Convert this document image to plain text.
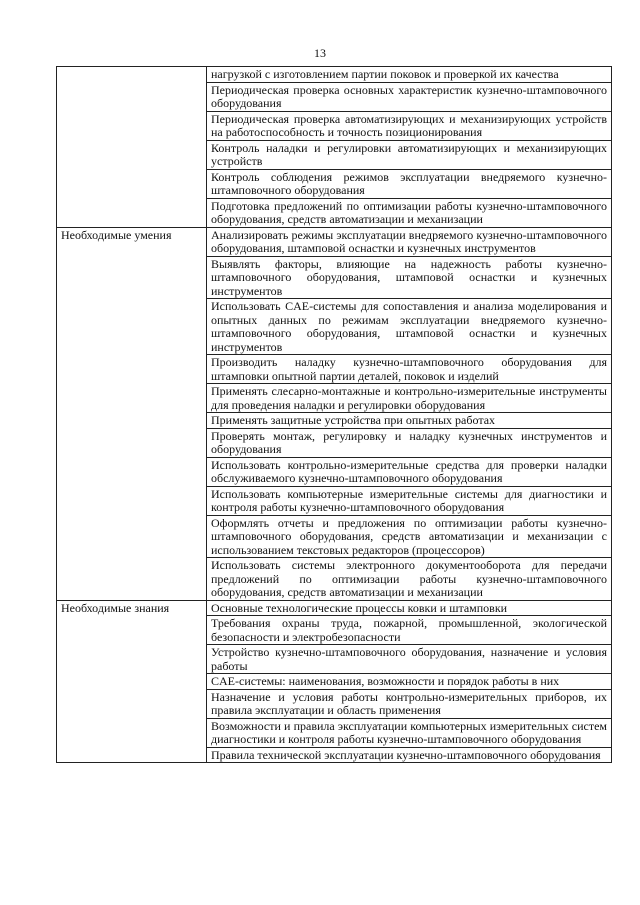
13
	нагрузкой с изготовлением партии поковок и проверкой их качества
	Периодическая проверка основных характеристик кузнечно-штамповочного оборудования
	Периодическая проверка автоматизирующих и механизирующих устройств на работоспособность и точность позиционирования
	Контроль наладки и регулировки автоматизирующих и механизирующих устройств
	Контроль соблюдения режимов эксплуатации внедряемого кузнечно-штамповочного оборудования
	Подготовка предложений по оптимизации работы кузнечно-штамповочного оборудования, средств автоматизации и механизации
Необходимые умения	Анализировать режимы эксплуатации внедряемого кузнечно-штамповочного оборудования, штамповой оснастки и кузнечных инструментов
	Выявлять факторы, влияющие на надежность работы кузнечно-штамповочного оборудования, штамповой оснастки и кузнечных инструментов
	Использовать CAE-системы для сопоставления и анализа моделирования и опытных данных по режимам эксплуатации внедряемого кузнечно-штамповочного оборудования, штамповой оснастки и кузнечных инструментов
	Производить наладку кузнечно-штамповочного оборудования для штамповки опытной партии деталей, поковок и изделий
	Применять слесарно-монтажные и контрольно-измерительные инструменты для проведения наладки и регулировки оборудования
	Применять защитные устройства при опытных работах
	Проверять монтаж, регулировку и наладку кузнечных инструментов и оборудования
	Использовать контрольно-измерительные средства для проверки наладки обслуживаемого кузнечно-штамповочного оборудования
	Использовать компьютерные измерительные системы для диагностики и контроля работы кузнечно-штамповочного оборудования
	Оформлять отчеты и предложения по оптимизации работы кузнечно-штамповочного оборудования, средств автоматизации и механизации с использованием текстовых редакторов (процессоров)
	Использовать системы электронного документооборота для передачи предложений по оптимизации работы кузнечно-штамповочного оборудования, средств автоматизации и механизации
Необходимые знания	Основные технологические процессы ковки и штамповки
	Требования охраны труда, пожарной, промышленной, экологической безопасности и электробезопасности
	Устройство кузнечно-штамповочного оборудования, назначение и условия работы
	CAE-системы: наименования, возможности и порядок работы в них
	Назначение и условия работы контрольно-измерительных приборов, их правила эксплуатации и область применения
	Возможности и правила эксплуатации компьютерных измерительных систем диагностики и контроля работы кузнечно-штамповочного оборудования
	Правила технической эксплуатации кузнечно-штамповочного оборудования
